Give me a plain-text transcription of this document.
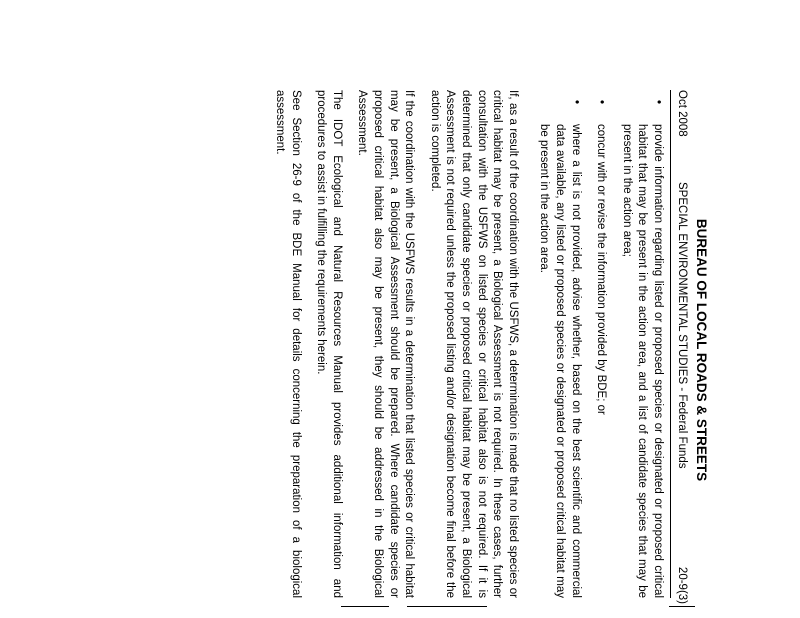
BUREAU OF LOCAL ROADS & STREETS
Oct 2008
SPECIAL ENVIRONMENTAL STUDIES - Federal Funds
20-9(3)
•
provide information regarding listed or proposed species or designated or proposed critical habitat that may be present in the action area, and a list of candidate species that may be present in the action area;
•
concur with or revise the information provided by BDE; or
•
where a list is not provided, advise whether, based on the best scientific and commercial data available, any listed or proposed species or designated or proposed critical habitat may be present in the action area.

If, as a result of the coordination with the USFWS, a determination is made that no listed species or critical habitat may be present, a Biological Assessment is not required. In these cases, further consultation with the USFWS on listed species or critical habitat also is not required. If it is determined that only candidate species or proposed critical habitat may be present, a Biological Assessment is not required unless the proposed listing and/or designation become final before the action is completed.

If the coordination with the USFWS results in a determination that listed species or critical habitat may be present, a Biological Assessment should be prepared. Where candidate species or proposed critical habitat also may be present, they should be addressed in the Biological Assessment.

The IDOT Ecological and Natural Resources Manual provides additional information and procedures to assist in fulfilling the requirements herein.

See Section 26-9 of the BDE Manual for details concerning the preparation of a biological assessment.
